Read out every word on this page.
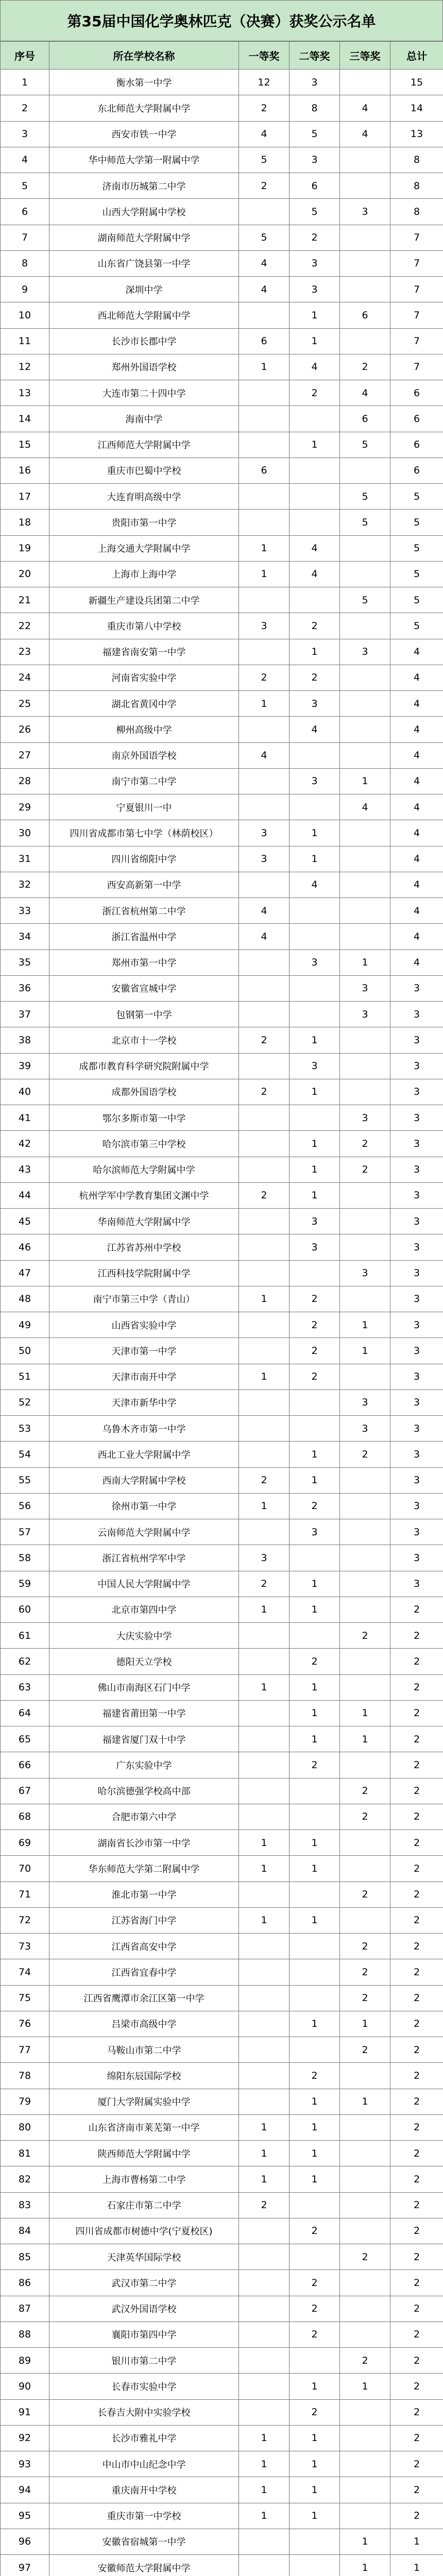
第35届中国化学奥林匹克（决赛）获奖公示名单
序号	所在学校名称	一等奖	二等奖	三等奖	总计
1	衡水第一中学	12	3		15
2	东北师范大学附属中学	2	8	4	14
3	西安市铁一中学	4	5	4	13
4	华中师范大学第一附属中学	5	3		8
5	济南市历城第二中学	2	6		8
6	山西大学附属中学校		5	3	8
7	湖南师范大学附属中学	5	2		7
8	山东省广饶县第一中学	4	3		7
9	深圳中学	4	3		7
10	西北师范大学附属中学		1	6	7
11	长沙市长郡中学	6	1		7
12	郑州外国语学校	1	4	2	7
13	大连市第二十四中学		2	4	6
14	海南中学			6	6
15	江西师范大学附属中学		1	5	6
16	重庆市巴蜀中学校	6			6
17	大连育明高级中学			5	5
18	贵阳市第一中学			5	5
19	上海交通大学附属中学	1	4		5
20	上海市上海中学	1	4		5
21	新疆生产建设兵团第二中学			5	5
22	重庆市第八中学校	3	2		5
23	福建省南安第一中学		1	3	4
24	河南省实验中学	2	2		4
25	湖北省黄冈中学	1	3		4
26	柳州高级中学		4		4
27	南京外国语学校	4			4
28	南宁市第二中学		3	1	4
29	宁夏银川一中			4	4
30	四川省成都市第七中学（林荫校区）	3	1		4
31	四川省绵阳中学	3	1		4
32	西安高新第一中学		4		4
33	浙江省杭州第二中学	4			4
34	浙江省温州中学	4			4
35	郑州市第一中学		3	1	4
36	安徽省宣城中学			3	3
37	包钢第一中学			3	3
38	北京市十一学校	2	1		3
39	成都市教育科学研究院附属中学		3		3
40	成都外国语学校	2	1		3
41	鄂尔多斯市第一中学			3	3
42	哈尔滨市第三中学校		1	2	3
43	哈尔滨师范大学附属中学		1	2	3
44	杭州学军中学教育集团文渊中学	2	1		3
45	华南师范大学附属中学		3		3
46	江苏省苏州中学校		3		3
47	江西科技学院附属中学			3	3
48	南宁市第三中学（青山）	1	2		3
49	山西省实验中学		2	1	3
50	天津市第一中学		2	1	3
51	天津市南开中学	1	2		3
52	天津市新华中学			3	3
53	乌鲁木齐市第一中学			3	3
54	西北工业大学附属中学		1	2	3
55	西南大学附属中学校	2	1		3
56	徐州市第一中学	1	2		3
57	云南师范大学附属中学		3		3
58	浙江省杭州学军中学	3			3
59	中国人民大学附属中学	2	1		3
60	北京市第四中学	1	1		2
61	大庆实验中学			2	2
62	德阳天立学校		2		2
63	佛山市南海区石门中学	1	1		2
64	福建省莆田第一中学		1	1	2
65	福建省厦门双十中学		1	1	2
66	广东实验中学		2		2
67	哈尔滨德强学校高中部			2	2
68	合肥市第六中学			2	2
69	湖南省长沙市第一中学	1	1		2
70	华东师范大学第二附属中学	1	1		2
71	淮北市第一中学			2	2
72	江苏省海门中学	1	1		2
73	江西省高安中学			2	2
74	江西省宜春中学			2	2
75	江西省鹰潭市余江区第一中学			2	2
76	吕梁市高级中学		1	1	2
77	马鞍山市第二中学			2	2
78	绵阳东辰国际学校		2		2
79	厦门大学附属实验中学		1	1	2
80	山东省济南市莱芜第一中学	1	1		2
81	陕西师范大学附属中学	1	1		2
82	上海市曹杨第二中学	1	1		2
83	石家庄市第二中学	2			2
84	四川省成都市树德中学(宁夏校区)		2		2
85	天津英华国际学校			2	2
86	武汉市第二中学		2		2
87	武汉外国语学校		2		2
88	襄阳市第四中学		2		2
89	银川市第二中学			2	2
90	长春市实验中学		1	1	2
91	长春吉大附中实验学校		2		2
92	长沙市雅礼中学	1	1		2
93	中山市中山纪念中学	1	1		2
94	重庆南开中学校	1	1		2
95	重庆市第一中学校	1	1		2
96	安徽省宿城第一中学			1	1
97	安徽师范大学附属中学			1	1
